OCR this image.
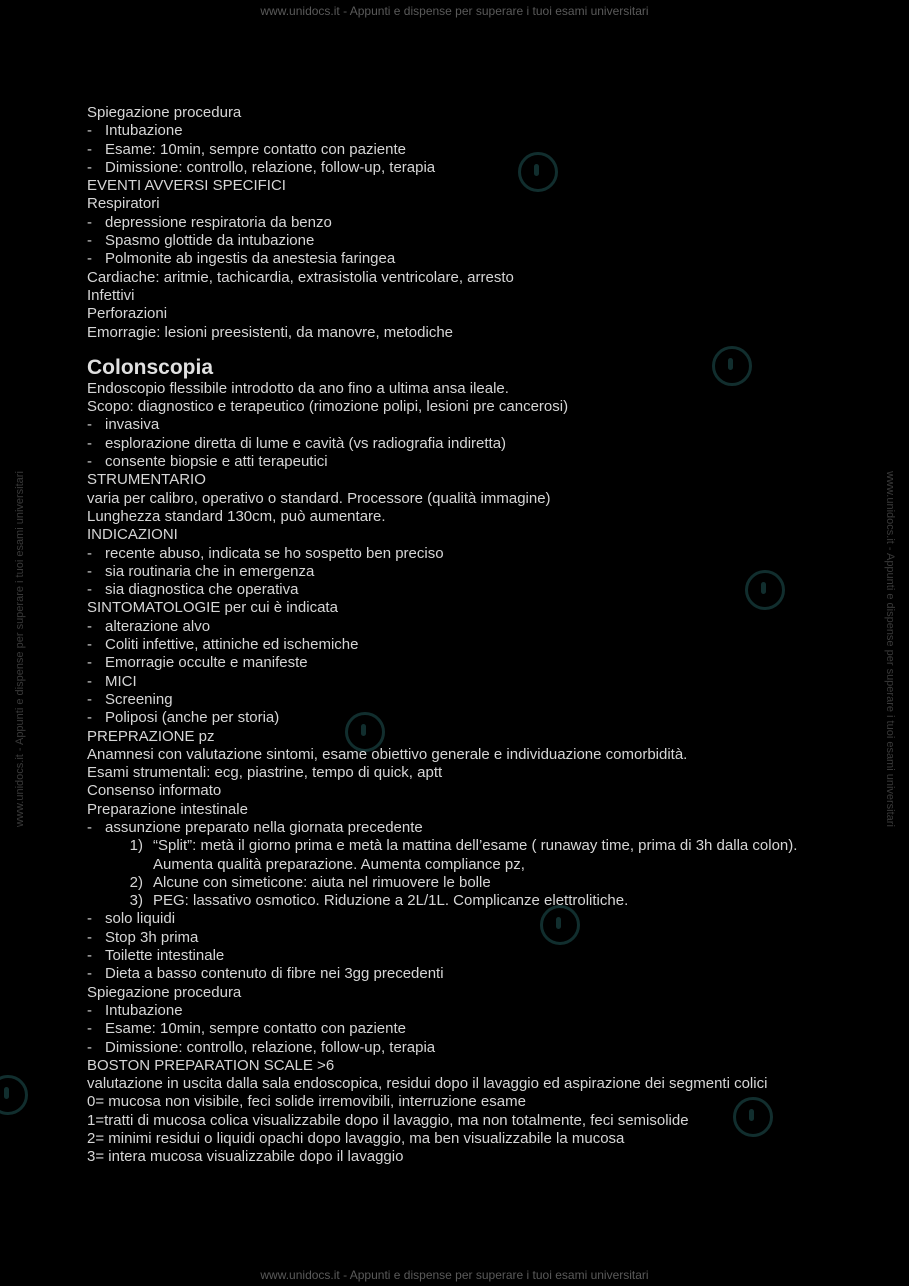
www.unidocs.it - Appunti e dispense per superare i tuoi esami universitari
www.unidocs.it - Appunti e dispense per superare i tuoi esami universitari
www.unidocs.it - Appunti e dispense per superare i tuoi esami universitari	www.unidocs.it - Appunti e dispense per superare i tuoi esami universitari
Spiegazione procedura
- Intubazione
- Esame: 10min, sempre contatto con paziente
- Dimissione: controllo, relazione, follow-up, terapia
EVENTI AVVERSI SPECIFICI
Respiratori
- depressione respiratoria da benzo
- Spasmo glottide da intubazione
- Polmonite ab ingestis da anestesia faringea
Cardiache: aritmie, tachicardia, extrasistolia ventricolare, arresto
Infettivi
Perforazioni
Emorragie: lesioni preesistenti, da manovre, metodiche
Colonscopia
Endoscopio flessibile introdotto da ano fino a ultima ansa ileale.
Scopo: diagnostico e terapeutico (rimozione polipi, lesioni pre cancerosi)
- invasiva
- esplorazione diretta di lume e cavità (vs radiografia indiretta)
- consente biopsie e atti terapeutici
STRUMENTARIO
varia per calibro, operativo o standard. Processore (qualità immagine)
Lunghezza standard 130cm, può aumentare.
INDICAZIONI
- recente abuso, indicata se ho sospetto ben preciso
- sia routinaria che in emergenza
- sia diagnostica che operativa
SINTOMATOLOGIE per cui è indicata
- alterazione alvo
- Coliti infettive, attiniche ed ischemiche
- Emorragie occulte e manifeste
- MICI
- Screening
- Poliposi (anche per storia)
PREPRAZIONE pz
Anamnesi con valutazione sintomi, esame obiettivo generale e individuazione comorbidità.
Esami strumentali: ecg, piastrine, tempo di quick, aptt
Consenso informato
Preparazione intestinale
- assunzione preparato nella giornata precedente
1) “Split”: metà il giorno prima e metà la mattina dell’esame ( runaway time, prima di 3h dalla colon). Aumenta qualità preparazione. Aumenta compliance pz,
2) Alcune con simeticone: aiuta nel rimuovere le bolle
3) PEG: lassativo osmotico. Riduzione a 2L/1L. Complicanze elettrolitiche.
- solo liquidi
- Stop 3h prima
- Toilette intestinale
- Dieta a basso contenuto di fibre nei 3gg precedenti
Spiegazione procedura
- Intubazione
- Esame: 10min, sempre contatto con paziente
- Dimissione: controllo, relazione, follow-up, terapia
BOSTON PREPARATION SCALE >6
valutazione in uscita dalla sala endoscopica, residui dopo il lavaggio ed aspirazione dei segmenti colici
0= mucosa non visibile, feci solide irremovibili, interruzione esame
1=tratti di mucosa colica visualizzabile dopo il lavaggio, ma non totalmente, feci semisolide
2= minimi residui o liquidi opachi dopo lavaggio, ma ben visualizzabile la mucosa
3= intera mucosa visualizzabile dopo il lavaggio
